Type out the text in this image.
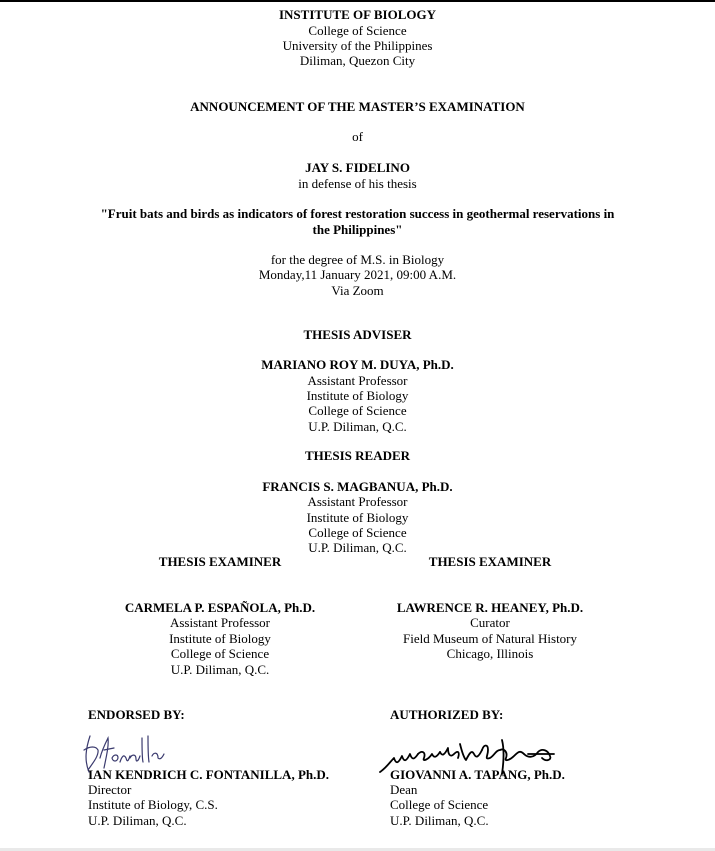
INSTITUTE OF BIOLOGY
College of Science
University of the Philippines
Diliman, Quezon City
ANNOUNCEMENT OF THE MASTER’S EXAMINATION
of
JAY S. FIDELINO
in defense of his thesis
"Fruit bats and birds as indicators of forest restoration success in geothermal reservations in
the Philippines"
for the degree of M.S. in Biology
Monday,11 January 2021, 09:00 A.M.
Via Zoom
THESIS ADVISER
MARIANO ROY M. DUYA, Ph.D.
Assistant Professor
Institute of Biology
College of Science
U.P. Diliman, Q.C.
THESIS READER
FRANCIS S. MAGBANUA, Ph.D.
Assistant Professor
Institute of Biology
College of Science
U.P. Diliman, Q.C.
THESIS EXAMINER	THESIS EXAMINER
CARMELA P. ESPAÑOLA, Ph.D.
Assistant Professor
Institute of Biology
College of Science
U.P. Diliman, Q.C.
LAWRENCE R. HEANEY, Ph.D.
Curator
Field Museum of Natural History
Chicago, Illinois
ENDORSED BY:	AUTHORIZED BY:
IAN KENDRICH C. FONTANILLA, Ph.D.
Director
Institute of Biology, C.S.
U.P. Diliman, Q.C.
GIOVANNI A. TAPANG, Ph.D.
Dean
College of Science
U.P. Diliman, Q.C.
